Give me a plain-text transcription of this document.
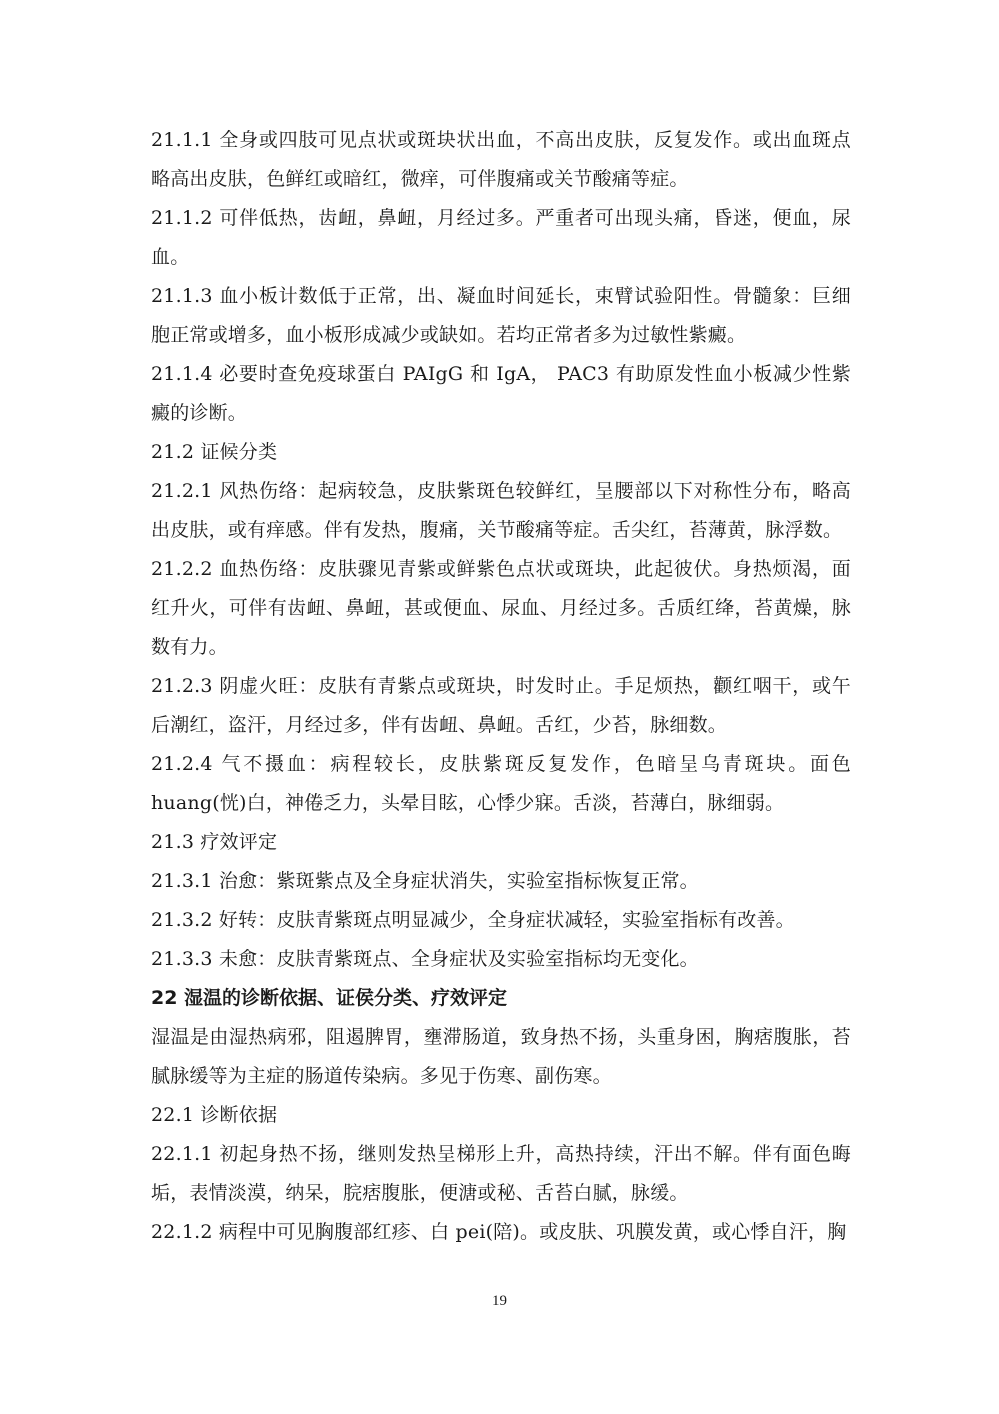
21.1.1 全身或四肢可见点状或斑块状出血，不高出皮肤，反复发作。或出血斑点略高出皮肤，色鲜红或暗红，微痒，可伴腹痛或关节酸痛等症。

21.1.2 可伴低热，齿衄，鼻衄，月经过多。严重者可出现头痛，昏迷，便血，尿血。

21.1.3 血小板计数低于正常，出、凝血时间延长，束臂试验阳性。骨髓象：巨细胞正常或增多，血小板形成减少或缺如。若均正常者多为过敏性紫癜。

21.1.4 必要时查免疫球蛋白 PAIgG 和 IgA， PAC3 有助原发性血小板减少性紫癜的诊断。

21.2 证候分类

21.2.1 风热伤络：起病较急，皮肤紫斑色较鲜红，呈腰部以下对称性分布，略高出皮肤，或有痒感。伴有发热，腹痛，关节酸痛等症。舌尖红，苔薄黄，脉浮数。

21.2.2 血热伤络：皮肤骤见青紫或鲜紫色点状或斑块，此起彼伏。身热烦渴，面红升火，可伴有齿衄、鼻衄，甚或便血、尿血、月经过多。舌质红绛，苔黄燥，脉数有力。

21.2.3 阴虚火旺：皮肤有青紫点或斑块，时发时止。手足烦热，颧红咽干，或午后潮红，盗汗，月经过多，伴有齿衄、鼻衄。舌红，少苔，脉细数。

21.2.4 气不摄血：病程较长，皮肤紫斑反复发作，色暗呈乌青斑块。面色 huang(恍)白，神倦乏力，头晕目眩，心悸少寐。舌淡，苔薄白，脉细弱。

21.3 疗效评定

21.3.1 治愈：紫斑紫点及全身症状消失，实验室指标恢复正常。

21.3.2 好转：皮肤青紫斑点明显减少，全身症状减轻，实验室指标有改善。

21.3.3 未愈：皮肤青紫斑点、全身症状及实验室指标均无变化。

22 湿温的诊断依据、证侯分类、疗效评定

湿温是由湿热病邪，阻遏脾胃，壅滞肠道，致身热不扬，头重身困，胸痞腹胀，苔腻脉缓等为主症的肠道传染病。多见于伤寒、副伤寒。

22.1 诊断依据

22.1.1 初起身热不扬，继则发热呈梯形上升，高热持续，汗出不解。伴有面色晦垢，表情淡漠，纳呆，脘痞腹胀，便溏或秘、舌苔白腻，脉缓。

22.1.2 病程中可见胸腹部红疹、白 pei(陪)。或皮肤、巩膜发黄，或心悸自汗，胸

19
